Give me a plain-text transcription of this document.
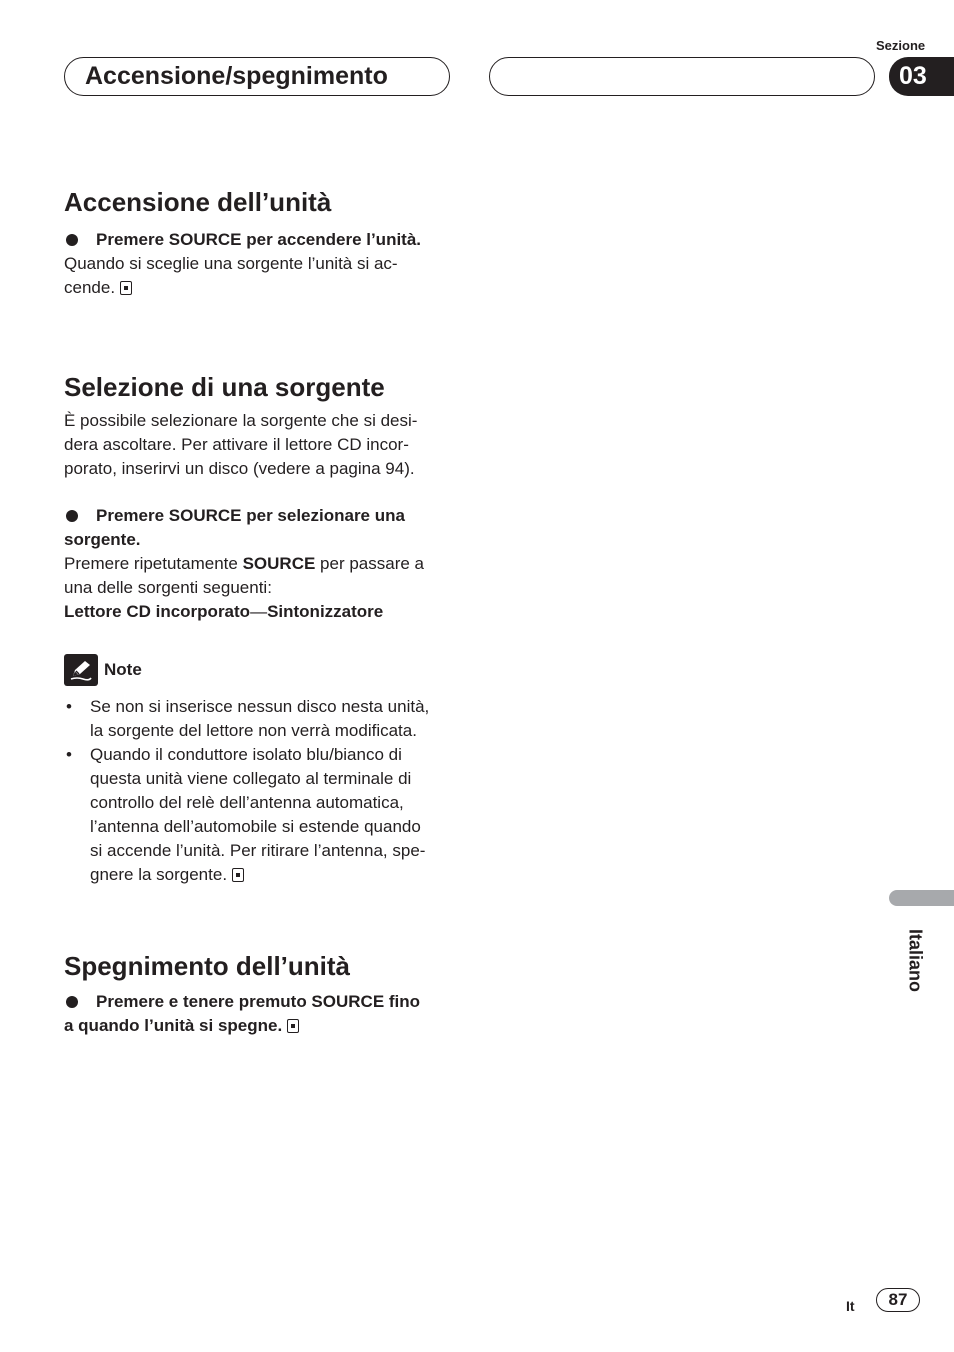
Sezione
03
Accensione/spegnimento
Accensione dell’unità

Premere SOURCE per accendere l’unità.

Quando si sceglie una sorgente l’unità si ac-
cende.

Selezione di una sorgente

È possibile selezionare la sorgente che si desi-
dera ascoltare. Per attivare il lettore CD incor-
porato, inserirvi un disco (vedere a pagina 94).

Premere SOURCE per selezionare una
sorgente.

Premere ripetutamente SOURCE per passare a
una delle sorgenti seguenti:
Lettore CD incorporato—Sintonizzatore

Note
• Se non si inserisce nessun disco nesta unità,
la sorgente del lettore non verrà modificata.
• Quando il conduttore isolato blu/bianco di
questa unità viene collegato al terminale di
controllo del relè dell’antenna automatica,
l’antenna dell’automobile si estende quando
si accende l’unità. Per ritirare l’antenna, spe-
gnere la sorgente.
Spegnimento dell’unità

Premere e tenere premuto SOURCE fino
a quando l’unità si spegne.

Italiano
It	87
